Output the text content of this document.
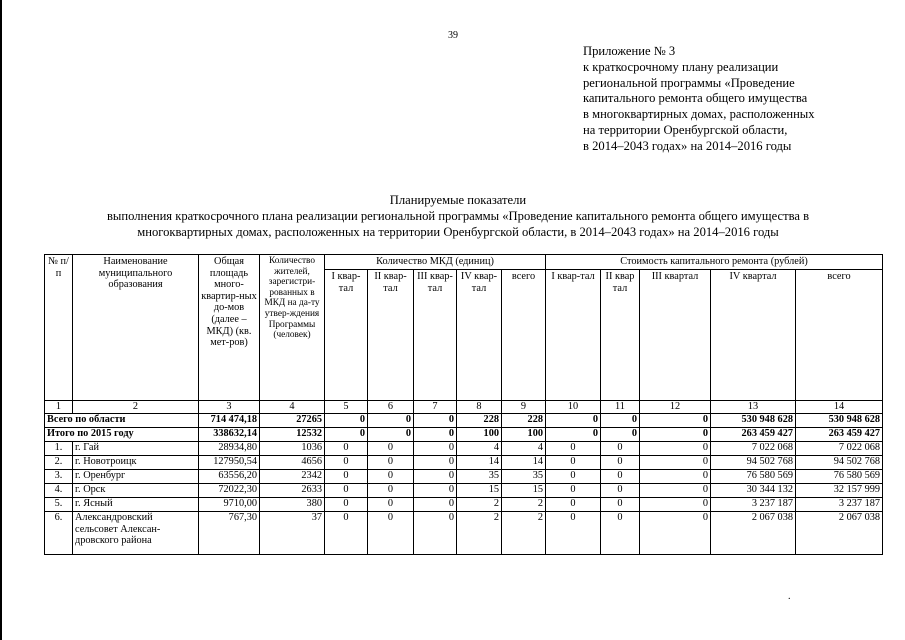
39
Приложение № 3
к краткосрочному плану реализации
региональной программы «Проведение
капитального ремонта общего имущества
в многоквартирных домах, расположенных
на территории Оренбургской области,
в 2014–2043 годах» на 2014–2016 годы
Планируемые показатели
выполнения краткосрочного плана реализации региональной программы «Проведение капитального ремонта общего имущества в
многоквартирных домах, расположенных на территории Оренбургской области, в 2014–2043 годах» на 2014–2016 годы
№ п/п	Наименование муниципального образования	Общая площадь много-квартир-ных до-мов (далее – МКД) (кв. мет-ров)	Количество жителей, зарегистри-рованных в МКД на да-ту утвер-ждения Программы (человек)	Количество МКД (единиц)					Стоимость капитального ремонта (рублей)				
				I квар-тал	II квар-тал	III квар-тал	IV квар-тал	всего	I квар-тал	II квар тал	III квартал	IV квартал	всего
1	2	3	4	5	6	7	8	9	10	11	12	13	14
Всего по области		714 474,18	27265	0	0	0	228	228	0	0	0	530 948 628	530 948 628
Итого по 2015 году		338632,14	12532	0	0	0	100	100	0	0	0	263 459 427	263 459 427
1.	г. Гай	28934,80	1036	0	0	0	4	4	0	0	0	7 022 068	7 022 068
2.	г. Новотроицк	127950,54	4656	0	0	0	14	14	0	0	0	94 502 768	94 502 768
3.	г. Оренбург	63556,20	2342	0	0	0	35	35	0	0	0	76 580 569	76 580 569
4.	г. Орск	72022,30	2633	0	0	0	15	15	0	0	0	30 344 132	32 157 999
5.	г. Ясный	9710,00	380	0	0	0	2	2	0	0	0	3 237 187	3 237 187
6.	Александровский сельсовет Алексан-дровского района	767,30	37	0	0	0	2	2	0	0	0	2 067 038	2 067 038
.
